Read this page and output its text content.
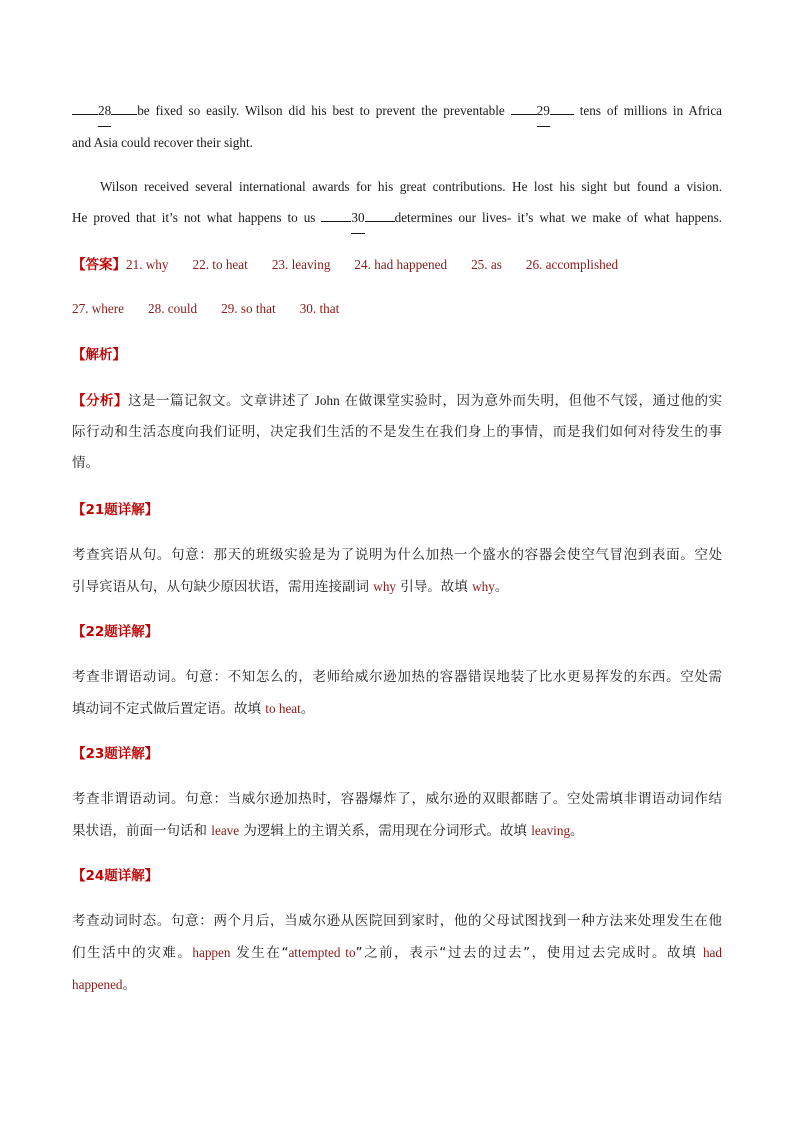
28 be fixed so easily. Wilson did his best to prevent the preventable 29 tens of millions in Africa
and Asia could recover their sight.
Wilson received several international awards for his great contributions. He lost his sight but found a vision.
He proved that it’s not what happens to us	30 determines our lives- it’s what we make of what happens.
【答案】21. why 22. to heat 23. leaving 24. had happened 25. as 26. accomplished
27. where 28. could 29. so that 30. that
【解析】
【分析】这是一篇记叙文。文章讲述了 John 在做课堂实验时，因为意外而失明，但他不气馁，通过他的实
际行动和生活态度向我们证明，决定我们生活的不是发生在我们身上的事情，而是我们如何对待发生的事
情。
【21题详解】
考查宾语从句。句意：那天的班级实验是为了说明为什么加热一个盛水的容器会使空气冒泡到表面。空处
引导宾语从句，从句缺少原因状语，需用连接副词 why 引导。故填 why。
【22题详解】
考查非谓语动词。句意：不知怎么的，老师给威尔逊加热的容器错误地装了比水更易挥发的东西。空处需
填动词不定式做后置定语。故填 to heat。
【23题详解】
考查非谓语动词。句意：当威尔逊加热时，容器爆炸了，威尔逊的双眼都瞎了。空处需填非谓语动词作结
果状语，前面一句话和 leave 为逻辑上的主谓关系，需用现在分词形式。故填 leaving。
【24题详解】
考查动词时态。句意：两个月后，当威尔逊从医院回到家时，他的父母试图找到一种方法来处理发生在他
们生活中的灾难。happen 发生在“attempted to”之前，表示“过去的过去”，使用过去完成时。故填 had
happened。
